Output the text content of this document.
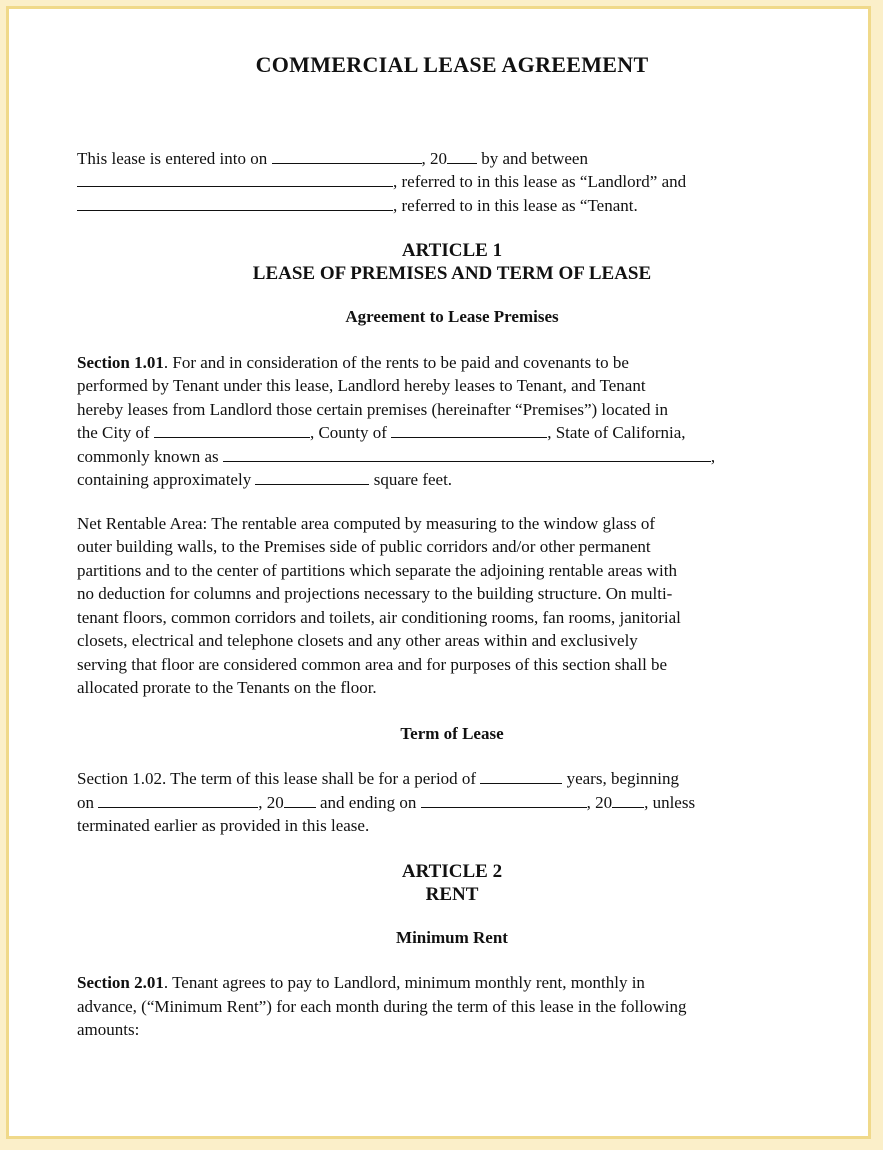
COMMERCIAL LEASE AGREEMENT

This lease is entered into on	, 20 by and between

, referred to in this lease as “Landlord” and

, referred to in this lease as “Tenant.

ARTICLE 1
LEASE OF PREMISES AND TERM OF LEASE
Agreement to Lease Premises

Section 1.01. For and in consideration of the rents to be paid and covenants to be

performed by Tenant under this lease, Landlord hereby leases to Tenant, and Tenant

hereby leases from Landlord those certain premises (hereinafter “Premises”) located in

the City of	, County of	, State of California,

commonly known as	,

containing approximately	square feet.

Net Rentable Area: The rentable area computed by measuring to the window glass of

outer building walls, to the Premises side of public corridors and/or other permanent

partitions and to the center of partitions which separate the adjoining rentable areas with

no deduction for columns and projections necessary to the building structure. On multi-

tenant floors, common corridors and toilets, air conditioning rooms, fan rooms, janitorial

closets, electrical and telephone closets and any other areas within and exclusively

serving that floor are considered common area and for purposes of this section shall be

allocated prorate to the Tenants on the floor.

Term of Lease

Section 1.02. The term of this lease shall be for a period of	years, beginning

on	, 20 and ending on	, 20 , unless

terminated earlier as provided in this lease.

ARTICLE 2
RENT
Minimum Rent

Section 2.01. Tenant agrees to pay to Landlord, minimum monthly rent, monthly in

advance, (“Minimum Rent”) for each month during the term of this lease in the following

amounts:
